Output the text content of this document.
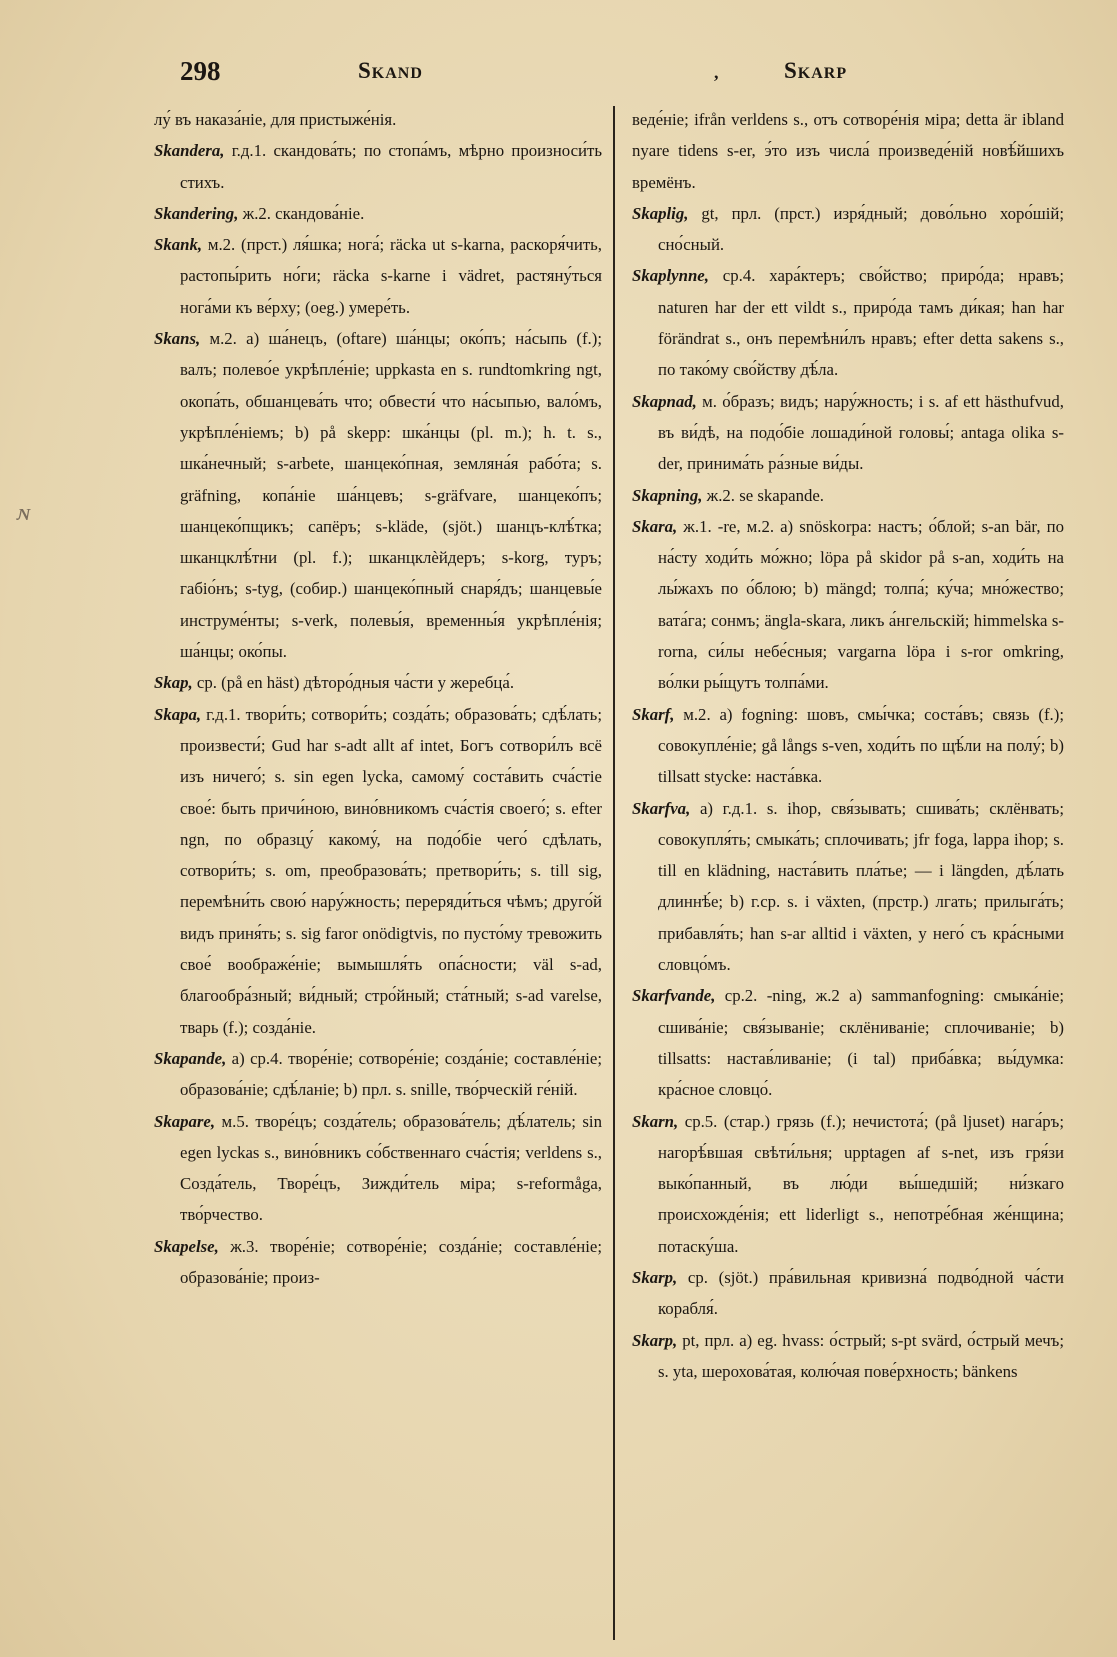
298	Skand	,	Skarp
ɴ

лу́ въ наказа́ніе, для пристыже́нія.

Skandera, г.д.1. скандова́ть; по стопа́мъ, мѣрно произноси́ть стихъ.

Skandering, ж.2. скандова́ніе.

Skank, м.2. (прст.) ля́шка; нога́; räcka ut s-karna, раскоря́чить, растопы́рить но́ги; räcka s-karne i vädret, растяну́ться нога́ми къ ве́рху; (oeg.) умере́ть.

Skans, м.2. a) ша́нецъ, (oftare) ша́нцы; око́пъ; на́сыпь (f.); валъ; полево́е укрѣпле́ніе; uppkasta en s. rundtomkring ngt, окопа́ть, обшанцева́ть что; обвести́ что на́сыпью, вало́мъ, укрѣпле́ніемъ; b) på skepp: шка́нцы (pl. m.); h. t. s., шка́нечный; s-arbete, шанцеко́пная, земляна́я рабо́та; s. gräfning, копа́ніе ша́нцевъ; s-gräfvare, шанцеко́пъ; шанцеко́пщикъ; сапёръ; s-kläde, (sjöt.) шанцъ-клѣ́тка; шканцклѣ́тни (pl. f.); шканцклѐйдеръ; s-korg, туръ; габіо́нъ; s-tyg, (собир.) шанцеко́пный снаря́дъ; шанцевы́е инструме́нты; s-verk, полевы́я, временны́я укрѣпле́нія; ша́нцы; око́пы.

Skap, ср. (på en häst) дѣторо́дныя ча́сти у жеребца́.

Skapa, г.д.1. твори́ть; сотвори́ть; созда́ть; образова́ть; сдѣ́лать; произвести́; Gud har s-adt allt af intet, Богъ сотвори́лъ всё изъ ничего́; s. sin egen lycka, самому́ соста́вить сча́стіе свое́: быть причи́ною, вино́вникомъ сча́стія своего́; s. efter ngn, по образцу́ какому́, на подо́біе чего́ сдѣлать, сотвори́ть; s. om, преобразова́ть; претвори́ть; s. till sig, перемѣни́ть свою́ нару́жность; переряди́ться чѣмъ; друго́й видъ приня́ть; s. sig faror onödigtvis, по пусто́му тревожить свое́ воображе́ніе; вымышля́ть опа́сности; väl s-ad, благообра́зный; ви́дный; стро́йный; ста́тный; s-ad varelse, тварь (f.); созда́ніе.

Skapande, a) ср.4. творе́ніе; сотворе́ніе; созда́ніе; составле́ніе; образова́ніе; сдѣ́ланіе; b) прл. s. snille, тво́рческій ге́ній.

Skapare, м.5. творе́цъ; созда́тель; образова́тель; дѣ́латель; sin egen lyckas s., вино́вникъ со́бственнаго сча́стія; verldens s., Созда́тель, Творе́цъ, Зижди́тель міра; s-reformåga, тво́рчество.

Skapelse, ж.3. творе́ніе; сотворе́ніе; созда́ніе; составле́ніе; образова́ніе; произ-

веде́ніе; ifrån verldens s., отъ сотворе́нія міра; detta är ibland nyare tidens s-er, э́то изъ числа́ произведе́ній новѣ́йшихъ времёнъ.

Skaplig, gt, прл. (прст.) изря́дный; дово́льно хоро́шій; сно́сный.

Skaplynne, ср.4. хара́ктеръ; сво́йство; приро́да; нравъ; naturen har der ett vildt s., приро́да тамъ ди́кая; han har förändrat s., онъ перемѣни́лъ нравъ; efter detta sakens s., по тако́му сво́йству дѣ́ла.

Skapnad, м. о́бразъ; видъ; нару́жность; i s. af ett hästhufvud, въ ви́дѣ, на подо́біе лошади́ной головы́; antaga olika s-der, принима́ть ра́зные ви́ды.

Skapning, ж.2. se skapande.

Skara, ж.1. -re, м.2. a) snöskorpa: настъ; о́блой; s-an bär, по на́сту ходи́ть мо́жно; löpa på skidor på s-an, ходи́ть на лы́жахъ по о́блою; b) mängd; толпа́; ку́ча; мно́жество; вата́га; сонмъ; ängla-skara, ликъ а́нгельскій; himmelska s-rorna, си́лы небе́сныя; vargarna löpa i s-ror omkring, во́лки ры́щутъ толпа́ми.

Skarf, м.2. a) fogning: шовъ, смы́чка; соста́въ; связь (f.); совокупле́ніе; gå långs s-ven, ходи́ть по щѣ́ли на полу́; b) tillsatt stycke: наста́вка.

Skarfva, a) г.д.1. s. ihop, свя́зывать; сшива́ть; склёнвать; совокупля́ть; смыка́ть; сплочивать; jfr foga, lappa ihop; s. till en klädning, наста́вить пла́тье; — i längden, дѣ́лать длиннѣ́е; b) г.ср. s. i växten, (прстр.) лгать; прилыга́ть; прибавля́ть; han s-ar alltid i växten, у него́ съ кра́сными словцо́мъ.

Skarfvande, ср.2. -ning, ж.2 a) sammanfogning: смыка́ніе; сшива́ніе; свя́зываніе; склёниваніе; сплочиваніе; b) tillsatts: настав́ливаніе; (i tal) приба́вка; вы́думка: кра́сное словцо́.

Skarn, ср.5. (стар.) грязь (f.); нечистота́; (på ljuset) нага́ръ; нагорѣ́вшая свѣти́льня; upptagen af s-net, изъ гря́зи выко́панный, въ лю́ди вы́шедшій; ни́зкаго происхожде́нія; ett liderligt s., непотре́бная же́нщина; потаску́ша.

Skarp, ср. (sjöt.) пра́вильная кривизна́ подво́дной ча́сти корабля́.

Skarp, pt, прл. a) eg. hvass: о́стрый; s-pt svärd, о́стрый мечъ; s. yta, шерохова́тая, колю́чая пове́рхность; bänkens
